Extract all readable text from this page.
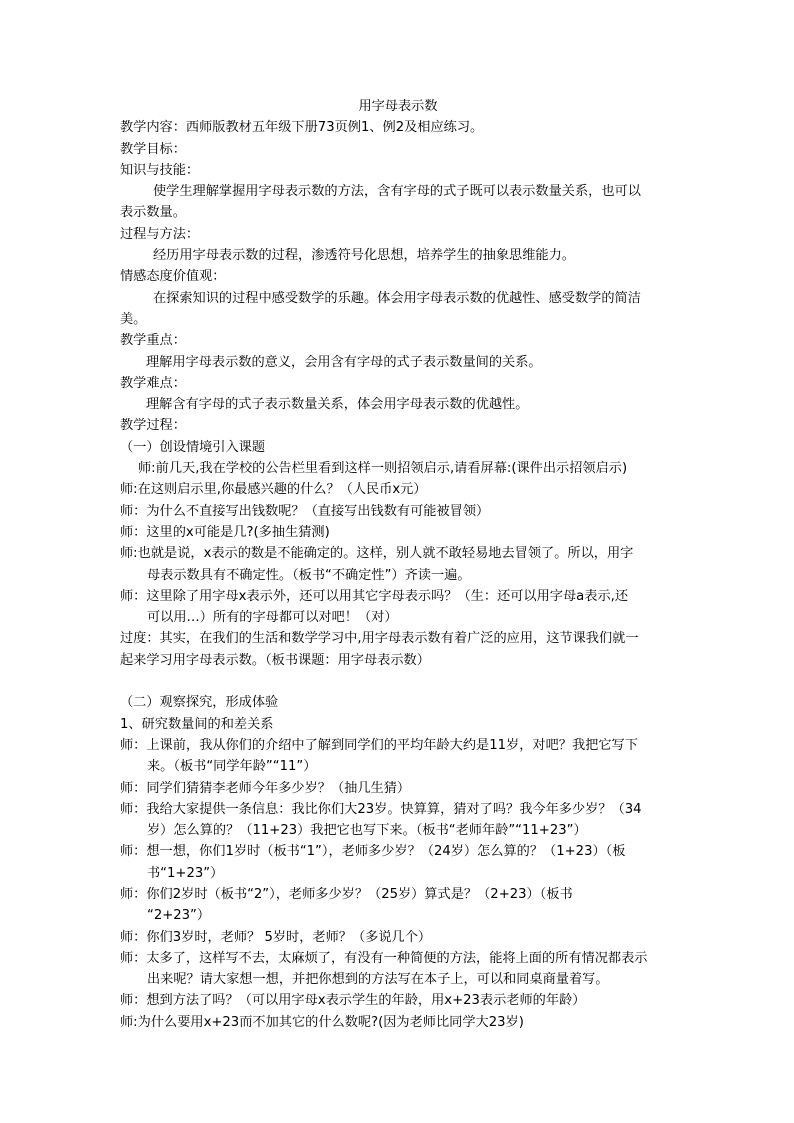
用字母表示数
教学内容：西师版教材五年级下册73页例1、例2及相应练习。
教学目标：
知识与技能：
使学生理解掌握用字母表示数的方法，含有字母的式子既可以表示数量关系，也可以
表示数量。
过程与方法：
经历用字母表示数的过程，渗透符号化思想，培养学生的抽象思维能力。
情感态度价值观：
在探索知识的过程中感受数学的乐趣。体会用字母表示数的优越性、感受数学的简洁
美。
教学重点：
理解用字母表示数的意义，会用含有字母的式子表示数量间的关系。
教学难点：
理解含有字母的式子表示数量关系，体会用字母表示数的优越性。
教学过程：
（一）创设情境引入课题
师:前几天,我在学校的公告栏里看到这样一则招领启示,请看屏幕:(课件出示招领启示)
师:在这则启示里,你最感兴趣的什么？（人民币x元）
师：为什么不直接写出钱数呢？（直接写出钱数有可能被冒领）
师：这里的x可能是几?(多抽生猜测)
师:也就是说，x表示的数是不能确定的。这样，别人就不敢轻易地去冒领了。所以，用字
母表示数具有不确定性。（板书“不确定性”）齐读一遍。
师：这里除了用字母x表示外，还可以用其它字母表示吗？（生：还可以用字母a表示,还
可以用…）所有的字母都可以对吧！（对）
过度：其实，在我们的生活和数学学习中,用字母表示数有着广泛的应用，这节课我们就一
起来学习用字母表示数。（板书课题：用字母表示数）
（二）观察探究，形成体验
1、研究数量间的和差关系
师：上课前，我从你们的介绍中了解到同学们的平均年龄大约是11岁，对吧？我把它写下
来。（板书“同学年龄”“11”）
师：同学们猜猜李老师今年多少岁？（抽几生猜）
师：我给大家提供一条信息：我比你们大23岁。快算算，猜对了吗？我今年多少岁？（34
岁）怎么算的？（11+23）我把它也写下来。（板书“老师年龄”“11+23”）
师：想一想，你们1岁时（板书“1”），老师多少岁？（24岁）怎么算的？（1+23）（板
书“1+23”）
师：你们2岁时（板书“2”），老师多少岁？（25岁）算式是？（2+23）（板书
“2+23”）
师：你们3岁时，老师？ 5岁时，老师？（多说几个）
师：太多了，这样写不去，太麻烦了，有没有一种简便的方法，能将上面的所有情况都表示
出来呢？请大家想一想，并把你想到的方法写在本子上，可以和同桌商量着写。
师：想到方法了吗？（可以用字母x表示学生的年龄，用x+23表示老师的年龄）
师:为什么要用x+23而不加其它的什么数呢?(因为老师比同学大23岁)
